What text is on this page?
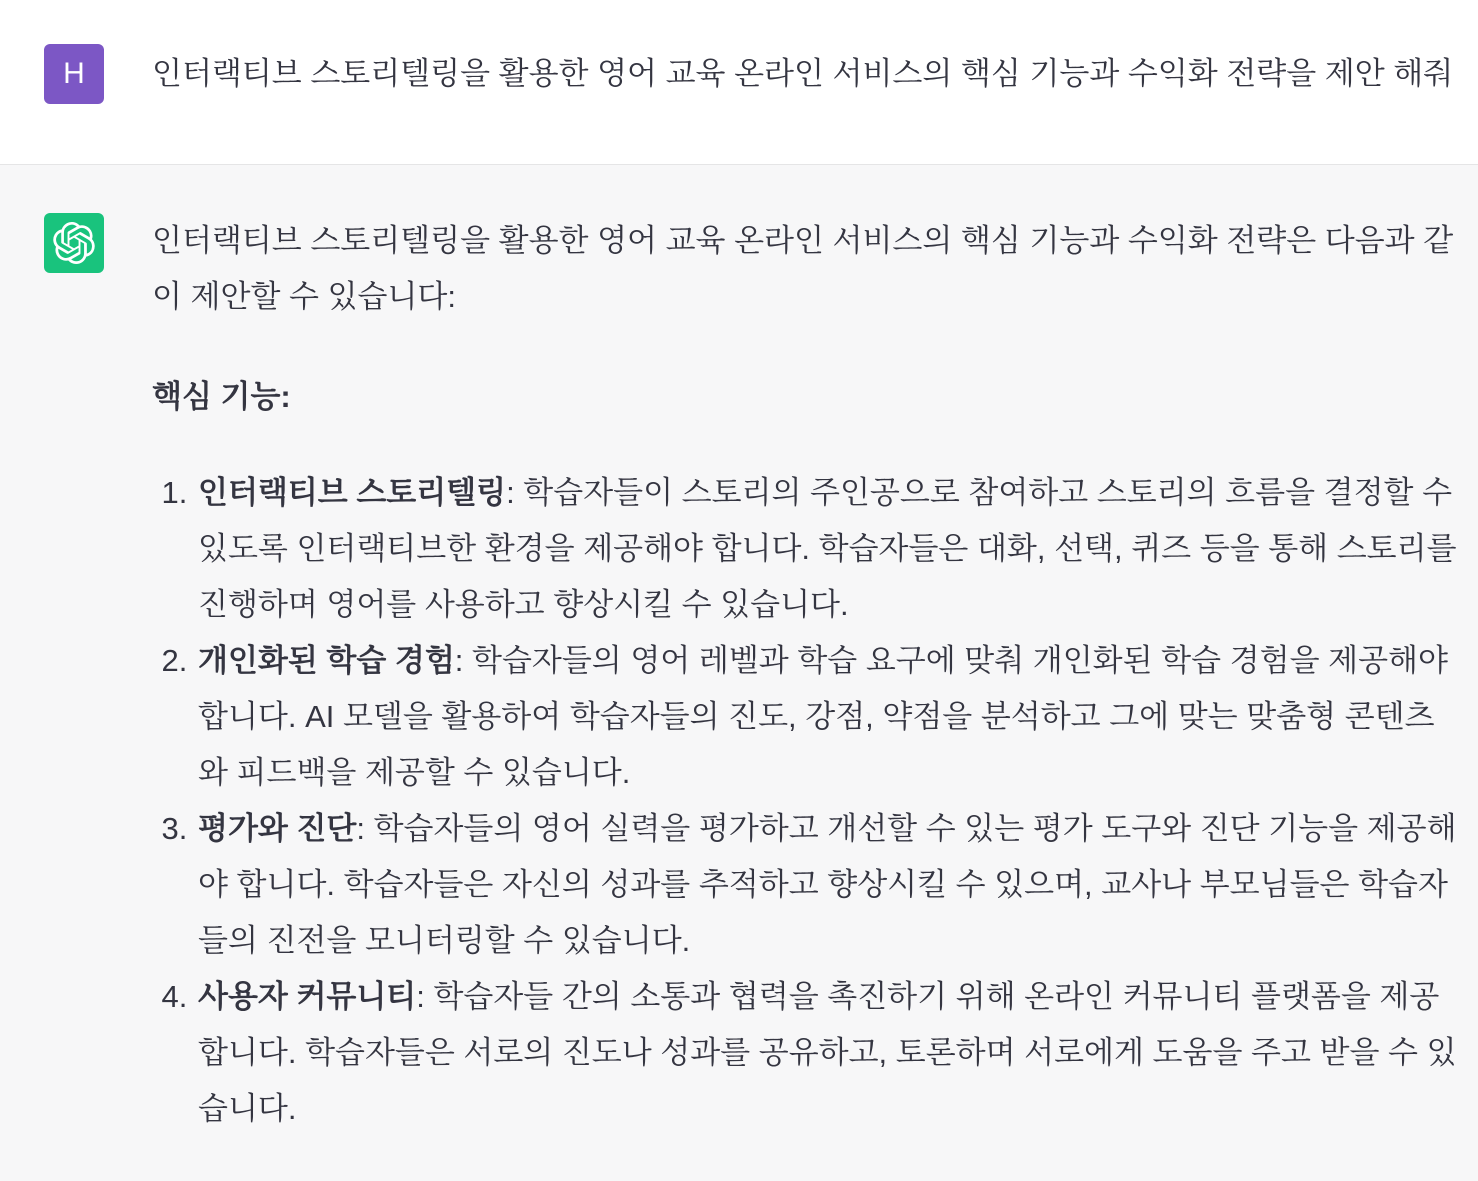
H 인터랙티브 스토리텔링을 활용한 영어 교육 온라인 서비스의 핵심 기능과 수익화 전략을 제안 해줘

인터랙티브 스토리텔링을 활용한 영어 교육 온라인 서비스의 핵심 기능과 수익화 전략은 다음과 같이 제안할 수 있습니다:

핵심 기능:

1. 인터랙티브 스토리텔링: 학습자들이 스토리의 주인공으로 참여하고 스토리의 흐름을 결정할 수 있도록 인터랙티브한 환경을 제공해야 합니다. 학습자들은 대화, 선택, 퀴즈 등을 통해 스토리를 진행하며 영어를 사용하고 향상시킬 수 있습니다.
2. 개인화된 학습 경험: 학습자들의 영어 레벨과 학습 요구에 맞춰 개인화된 학습 경험을 제공해야 합니다. AI 모델을 활용하여 학습자들의 진도, 강점, 약점을 분석하고 그에 맞는 맞춤형 콘텐츠와 피드백을 제공할 수 있습니다.
3. 평가와 진단: 학습자들의 영어 실력을 평가하고 개선할 수 있는 평가 도구와 진단 기능을 제공해야 합니다. 학습자들은 자신의 성과를 추적하고 향상시킬 수 있으며, 교사나 부모님들은 학습자들의 진전을 모니터링할 수 있습니다.
4. 사용자 커뮤니티: 학습자들 간의 소통과 협력을 촉진하기 위해 온라인 커뮤니티 플랫폼을 제공합니다. 학습자들은 서로의 진도나 성과를 공유하고, 토론하며 서로에게 도움을 주고 받을 수 있습니다.
